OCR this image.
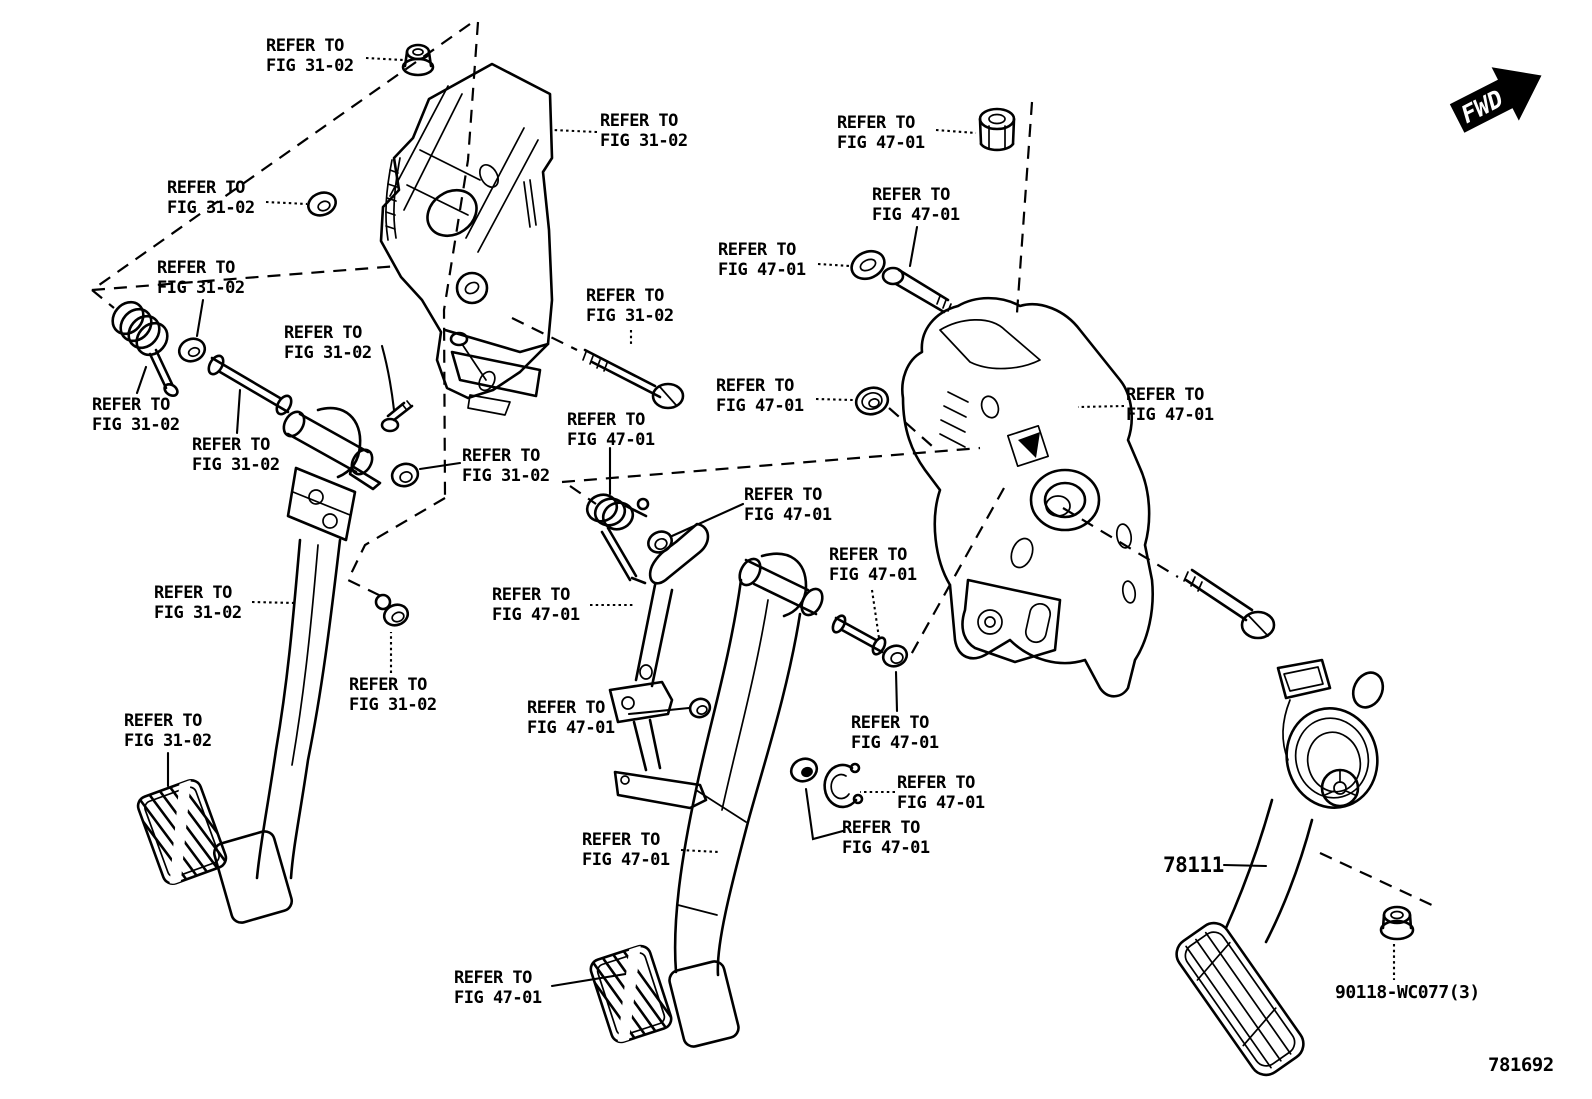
FWD
78111
90118-WC077(3)
781692
REFER TO
FIG 31-02
REFER TO
FIG 31-02
REFER TO
FIG 47-01
REFER TO
FIG 31-02
REFER TO
FIG 47-01
REFER TO
FIG 31-02
REFER TO
FIG 47-01
REFER TO
FIG 31-02
REFER TO
FIG 31-02
REFER TO
FIG 47-01
REFER TO
FIG 31-02
REFER TO
FIG 47-01
REFER TO
FIG 31-02
REFER TO
FIG 47-01
REFER TO
FIG 31-02
REFER TO
FIG 47-01
REFER TO
FIG 47-01
REFER TO
FIG 31-02
REFER TO
FIG 47-01
REFER TO
FIG 31-02	REFER TO
FIG 47-01	REFER TO
FIG 47-01
REFER TO
FIG 31-02
REFER TO
FIG 47-01
REFER TO
FIG 47-01
REFER TO
FIG 47-01
REFER TO
FIG 47-01
